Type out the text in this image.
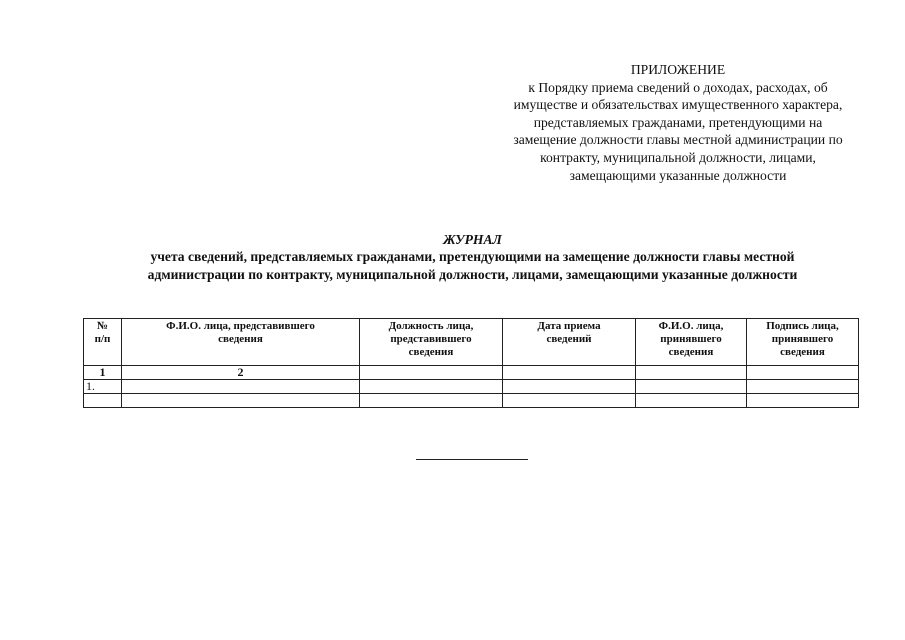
ПРИЛОЖЕНИЕ
к Порядку приема сведений о доходах, расходах, об
имуществе и обязательствах имущественного характера,
представляемых гражданами, претендующими на
замещение должности главы местной администрации по
контракту, муниципальной должности, лицами,
замещающими указанные должности
ЖУРНАЛ
учета сведений, представляемых гражданами, претендующими на замещение должности главы местной
администрации по контракту, муниципальной должности, лицами, замещающими указанные должности
№
п/п	Ф.И.О. лица, представившего
сведения	Должность лица,
представившего
сведения	Дата приема
сведений	Ф.И.О. лица,
принявшего
сведения	Подпись лица,
принявшего
сведения
1	2				
1.					
